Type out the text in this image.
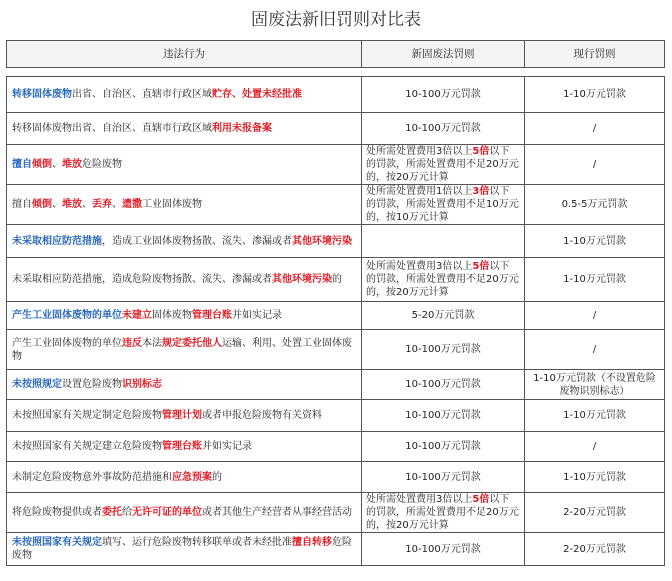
固废法新旧罚则对比表
违法行为	新固废法罚则	现行罚则

转移固体废物出省、自治区、直辖市行政区域贮存、处置未经批准	10-100万元罚款	1-10万元罚款
转移固体废物出省、自治区、直辖市行政区域利用未报备案	10-100万元罚款	/
擅自倾倒、堆放危险废物	处所需处置费用3倍以上5倍以下的罚款，所需处置费用不足20万元的，按20万元计算	/
擅自倾倒、堆放、丢弃、遗撒工业固体废物	处所需处置费用1倍以上3倍以下的罚款，所需处置费用不足10万元的，按10万元计算	0.5-5万元罚款
未采取相应防范措施，造成工业固体废物扬散、流失、渗漏或者其他环境污染		1-10万元罚款
未采取相应防范措施，造成危险废物扬散、流失、渗漏或者其他环境污染的	处所需处置费用3倍以上5倍以下的罚款，所需处置费用不足20万元的，按20万元计算	1-10万元罚款
产生工业固体废物的单位未建立固体废物管理台账并如实记录	5-20万元罚款	/
产生工业固体废物的单位违反本法规定委托他人运输、利用、处置工业固体废物	10-100万元罚款	/
未按照规定设置危险废物识别标志	10-100万元罚款	1-10万元罚款（不设置危险废物识别标志）
未按照国家有关规定制定危险废物管理计划或者申报危险废物有关资料	10-100万元罚款	1-10万元罚款
未按照国家有关规定建立危险废物管理台账并如实记录	10-100万元罚款	/
未制定危险废物意外事故防范措施和应急预案的	10-100万元罚款	1-10万元罚款
将危险废物提供或者委托给无许可证的单位或者其他生产经营者从事经营活动	处所需处置费用3倍以上5倍以下的罚款，所需处置费用不足20万元的，按20万元计算	2-20万元罚款
未按照国家有关规定填写、运行危险废物转移联单或者未经批准擅自转移危险废物	10-100万元罚款	2-20万元罚款
